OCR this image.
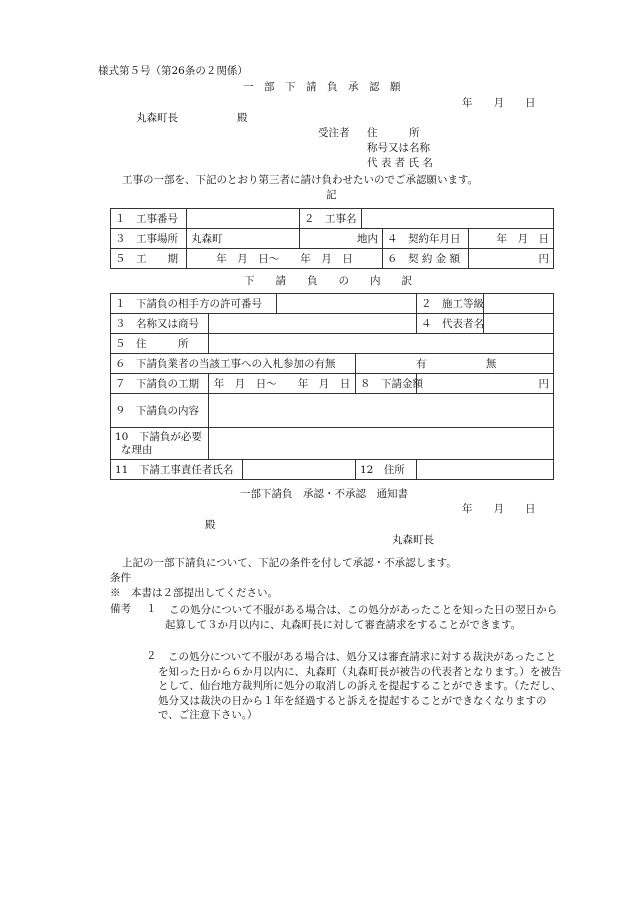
様式第５号（第26条の２関係）
一　部　下　請　負　承　認　願
年　　月　　日
丸森町長	殿
受注者 住　　　所
称号又は名称
代 表 者 氏 名
工事の一部を、下記のとおり第三者に請け負わせたいのでご承認願います。
記
１　工事番号		２　工事名			
３　工事場所	丸森町	地内		４　契約年月日	年　月　日
５　工　　期	年　月　日〜　　年　月　日			６　契 約 金 額	円
下　　請　　負　　の　　内　　訳
１　下請負の相手方の許可番号					２　施工等級	
３　名称又は商号					４　代表者名	
５　住　　　所						
６　下請負業者の当該工事への入札参加の有無				有 無		
７　下請負の工期	年　月　日〜　　年　月　日			８　下請金額	円	
９　下請負の内容						

10　下請負が必要
な理由						

11　下請工事責任者氏名				12　住所		
一部下請負　承認・不承認　通知書
年　　月　　日
殿
丸森町長
上記の一部下請負について、下記の条件を付して承認・不承認します。
条件
※　本書は２部提出してください。
備考 １	この処分について不服がある場合は、この処分があったことを知った日の翌日から起算して３か月以内に、丸森町長に対して審査請求をすることができます。
２	この処分について不服がある場合は、処分又は審査請求に対する裁決があったことを知った日から６か月以内に、丸森町（丸森町長が被告の代表者となります。）を被告として、仙台地方裁判所に処分の取消しの訴えを提起することができます。（ただし、処分又は裁決の日から１年を経過すると訴えを提起することができなくなりますので、ご注意下さい。）
